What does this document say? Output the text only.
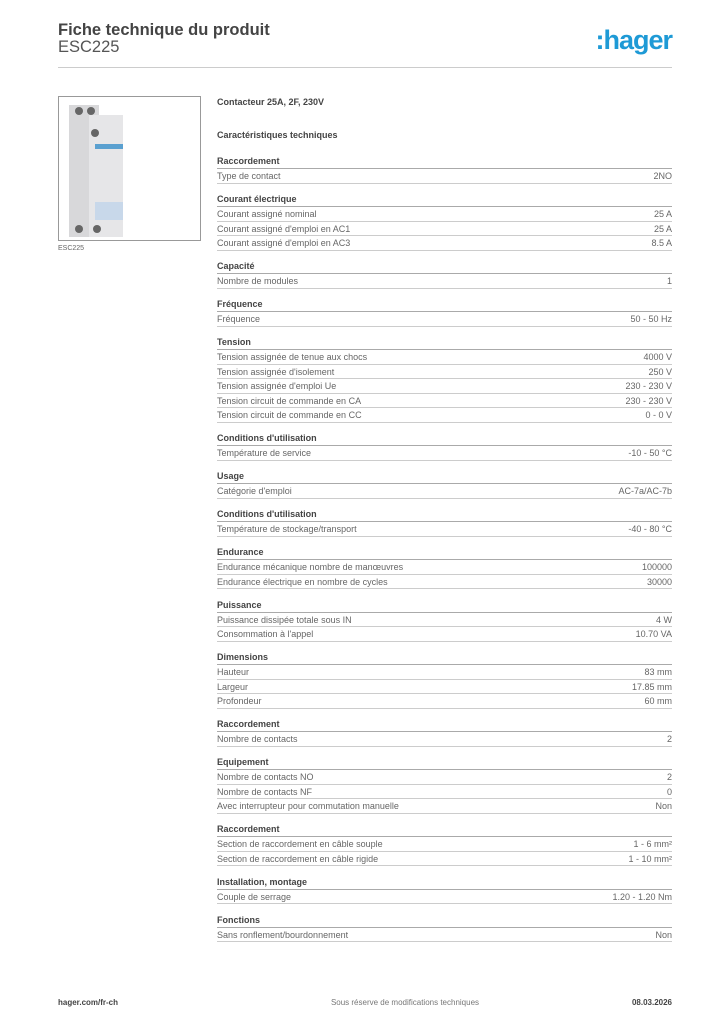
Fiche technique du produit
ESC225	:hager
ESC225
Contacteur 25A, 2F, 230V
Caractéristiques techniques
Raccordement
Type de contact	2NO
Courant électrique
Courant assigné nominal	25 A
Courant assigné d'emploi en AC1	25 A
Courant assigné d'emploi en AC3	8.5 A
Capacité
Nombre de modules	1
Fréquence
Fréquence	50 - 50 Hz
Tension
Tension assignée de tenue aux chocs	4000 V
Tension assignée d'isolement	250 V
Tension assignée d'emploi Ue	230 - 230 V
Tension circuit de commande en CA	230 - 230 V
Tension circuit de commande en CC	0 - 0 V
Conditions d'utilisation
Température de service	-10 - 50 °C
Usage
Catégorie d'emploi	AC-7a/AC-7b
Conditions d'utilisation
Température de stockage/transport	-40 - 80 °C
Endurance
Endurance mécanique nombre de manœuvres	100000
Endurance électrique en nombre de cycles	30000
Puissance
Puissance dissipée totale sous IN	4 W
Consommation à l'appel	10.70 VA
Dimensions
Hauteur	83 mm
Largeur	17.85 mm
Profondeur	60 mm
Raccordement
Nombre de contacts	2
Equipement
Nombre de contacts NO	2
Nombre de contacts NF	0
Avec interrupteur pour commutation manuelle	Non
Raccordement
Section de raccordement en câble souple	1 - 6 mm²
Section de raccordement en câble rigide	1 - 10 mm²
Installation, montage
Couple de serrage	1.20 - 1.20 Nm
Fonctions
Sans ronflement/bourdonnement	Non
hager.com/fr-ch	Sous réserve de modifications techniques	08.03.2026
